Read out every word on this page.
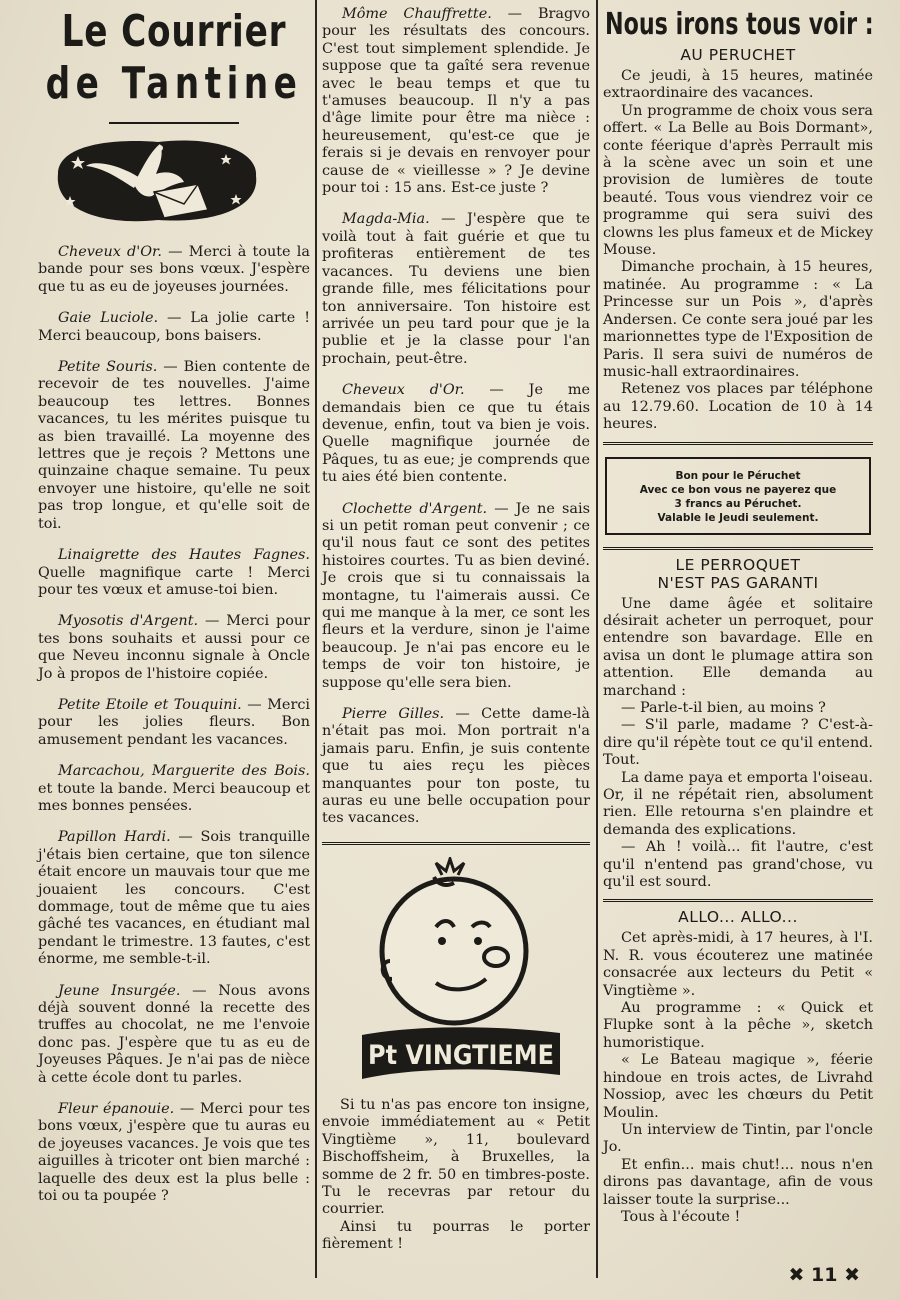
Le Courrier
de Tantine

Cheveux d'Or. — Merci à toute la bande pour ses bons vœux. J'espère que tu as eu de joyeuses journées.

Gaie Luciole. — La jolie carte ! Merci beaucoup, bons baisers.

Petite Souris. — Bien contente de recevoir de tes nouvelles. J'aime beaucoup tes lettres. Bonnes vacances, tu les mérites puisque tu as bien travaillé. La moyenne des lettres que je reçois ? Mettons une quinzaine chaque semaine. Tu peux envoyer une histoire, qu'elle ne soit pas trop longue, et qu'elle soit de toi.

Linaigrette des Hautes Fagnes. Quelle magnifique carte ! Merci pour tes vœux et amuse-toi bien.

Myosotis d'Argent. — Merci pour tes bons souhaits et aussi pour ce que Neveu inconnu signale à Oncle Jo à propos de l'histoire copiée.

Petite Etoile et Touquini. — Merci pour les jolies fleurs. Bon amusement pendant les vacances.

Marcachou, Marguerite des Bois. et toute la bande. Merci beaucoup et mes bonnes pensées.

Papillon Hardi. — Sois tranquille j'étais bien certaine, que ton silence était encore un mauvais tour que me jouaient les concours. C'est dommage, tout de même que tu aies gâché tes vacances, en étudiant mal pendant le trimestre. 13 fautes, c'est énorme, me semble-t-il.

Jeune Insurgée. — Nous avons déjà souvent donné la recette des truffes au chocolat, ne me l'envoie donc pas. J'espère que tu as eu de Joyeuses Pâques. Je n'ai pas de nièce à cette école dont tu parles.

Fleur épanouie. — Merci pour tes bons vœux, j'espère que tu auras eu de joyeuses vacances. Je vois que tes aiguilles à tricoter ont bien marché : laquelle des deux est la plus belle : toi ou ta poupée ?

Môme Chauffrette. — Bragvo pour les résultats des concours. C'est tout simplement splendide. Je suppose que ta gaîté sera revenue avec le beau temps et que tu t'amuses beaucoup. Il n'y a pas d'âge limite pour être ma nièce : heureusement, qu'est-ce que je ferais si je devais en renvoyer pour cause de « vieillesse » ? Je devine pour toi : 15 ans. Est-ce juste ?

Magda-Mia. — J'espère que te voilà tout à fait guérie et que tu profiteras entièrement de tes vacances. Tu deviens une bien grande fille, mes félicitations pour ton anniversaire. Ton histoire est arrivée un peu tard pour que je la publie et je la classe pour l'an prochain, peut-être.

Cheveux d'Or. — Je me demandais bien ce que tu étais devenue, enfin, tout va bien je vois. Quelle magnifique journée de Pâques, tu as eue; je comprends que tu aies été bien contente.

Clochette d'Argent. — Je ne sais si un petit roman peut convenir ; ce qu'il nous faut ce sont des petites histoires courtes. Tu as bien deviné. Je crois que si tu connaissais la montagne, tu l'aimerais aussi. Ce qui me manque à la mer, ce sont les fleurs et la verdure, sinon je l'aime beaucoup. Je n'ai pas encore eu le temps de voir ton histoire, je suppose qu'elle sera bien.

Pierre Gilles. — Cette dame-là n'était pas moi. Mon portrait n'a jamais paru. Enfin, je suis contente que tu aies reçu les pièces manquantes pour ton poste, tu auras eu une belle occupation pour tes vacances.

Pt VINGTIEME

Si tu n'as pas encore ton insigne, envoie immédiatement au « Petit Vingtième », 11, boulevard Bischoffsheim, à Bruxelles, la somme de 2 fr. 50 en timbres-poste. Tu le recevras par retour du courrier.

Ainsi tu pourras le porter fièrement !

Nous irons tous voir :
AU PERUCHET

Ce jeudi, à 15 heures, matinée extraordinaire des vacances.

Un programme de choix vous sera offert. « La Belle au Bois Dormant», conte féerique d'après Perrault mis à la scène avec un soin et une provision de lumières de toute beauté. Tous vous viendrez voir ce programme qui sera suivi des clowns les plus fameux et de Mickey Mouse.

Dimanche prochain, à 15 heures, matinée. Au programme : « La Princesse sur un Pois », d'après Andersen. Ce conte sera joué par les marionnettes type de l'Exposition de Paris. Il sera suivi de numéros de music-hall extraordinaires.

Retenez vos places par téléphone au 12.79.60. Location de 10 à 14 heures.

Bon pour le Péruchet
Avec ce bon vous ne payerez que
3 francs au Péruchet.
Valable le Jeudi seulement.
LE PERROQUET
N'EST PAS GARANTI

Une dame âgée et solitaire désirait acheter un perroquet, pour entendre son bavardage. Elle en avisa un dont le plumage attira son attention. Elle demanda au marchand :

— Parle-t-il bien, au moins ?

— S'il parle, madame ? C'est-à-dire qu'il répète tout ce qu'il entend. Tout.

La dame paya et emporta l'oiseau. Or, il ne répétait rien, absolument rien. Elle retourna s'en plaindre et demanda des explications.

— Ah ! voilà... fit l'autre, c'est qu'il n'entend pas grand'chose, vu qu'il est sourd.

ALLO... ALLO...

Cet après-midi, à 17 heures, à l'I. N. R. vous écouterez une matinée consacrée aux lecteurs du Petit « Vingtième ».

Au programme : « Quick et Flupke sont à la pêche », sketch humoristique.

« Le Bateau magique », féerie hindoue en trois actes, de Livrahd Nossiop, avec les chœurs du Petit Moulin.

Un interview de Tintin, par l'oncle Jo.

Et enfin... mais chut!... nous n'en dirons pas davantage, afin de vous laisser toute la surprise...

Tous à l'écoute !

✖ 11 ✖
